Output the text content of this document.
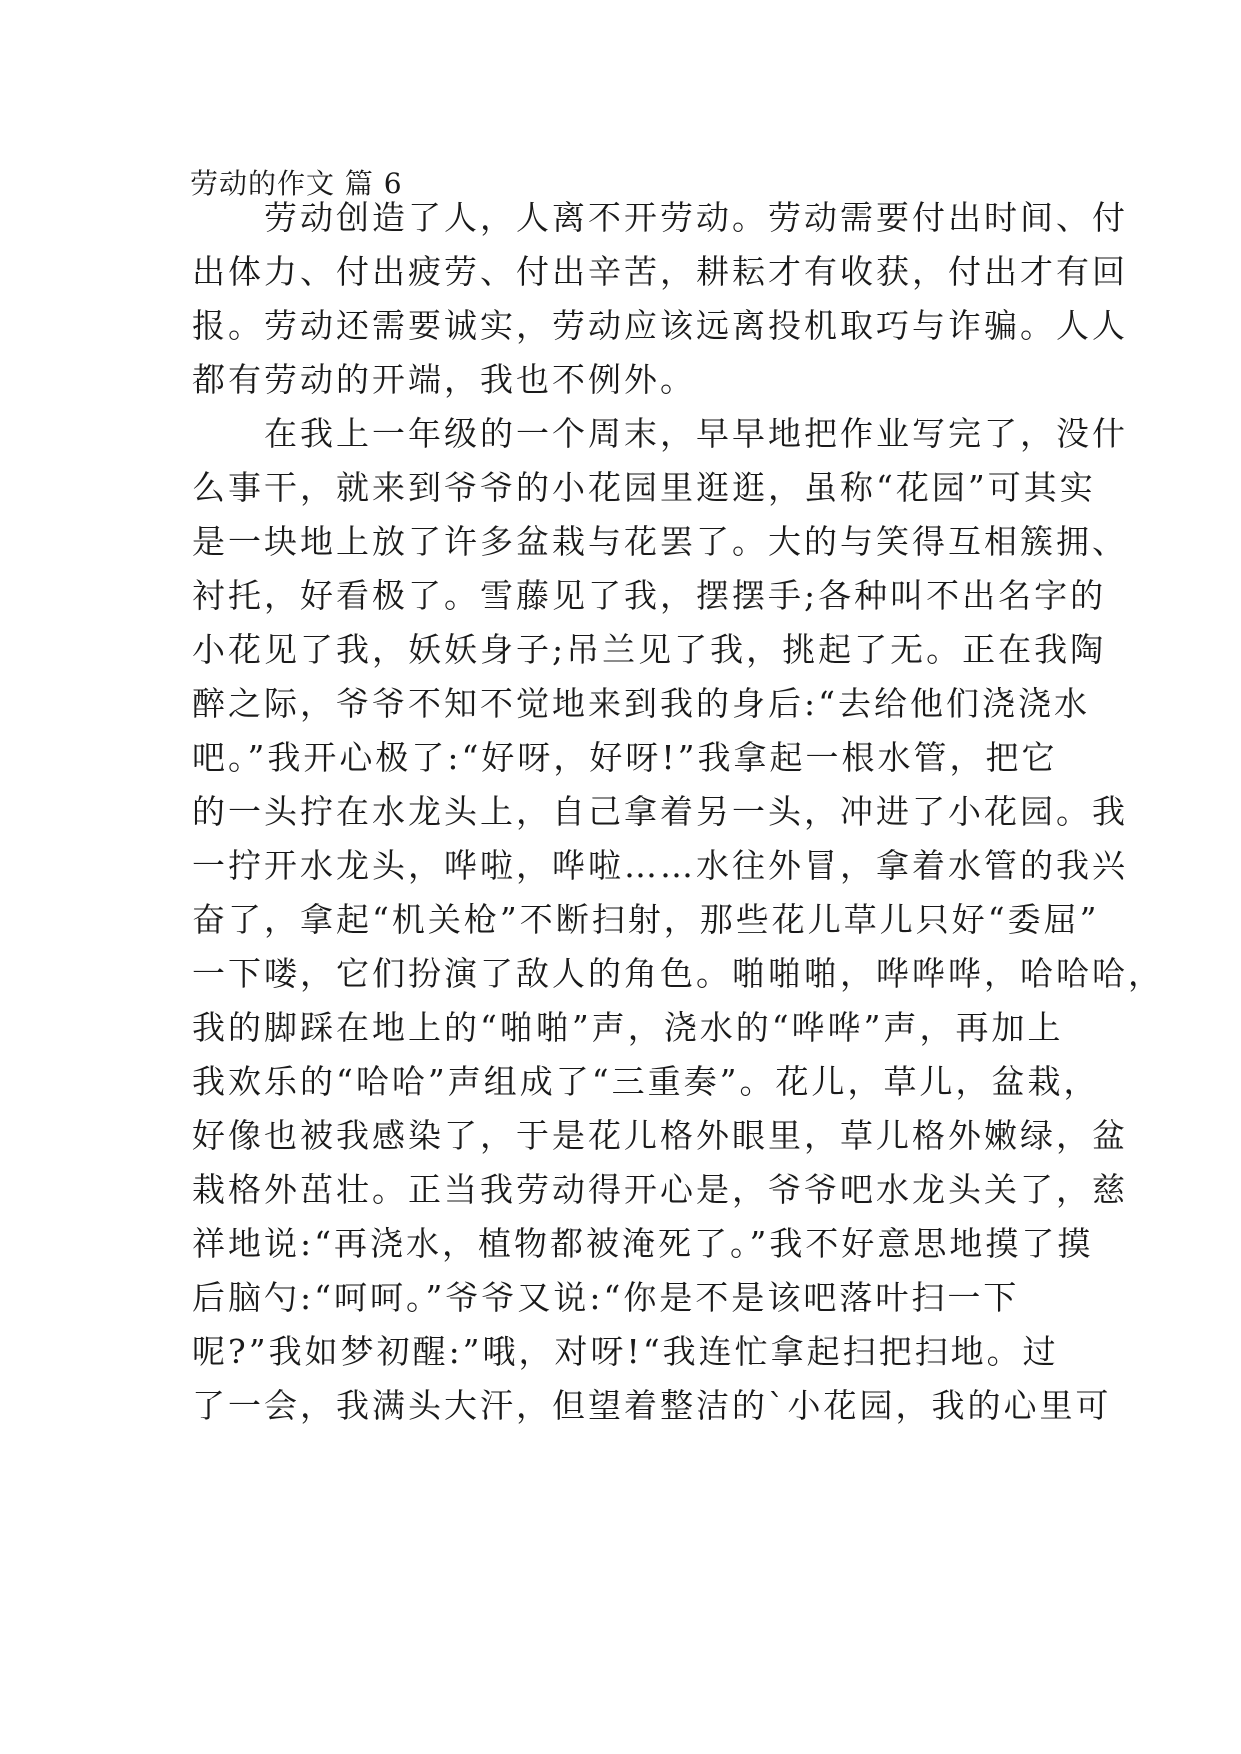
劳动的作文 篇 6
　　劳动创造了人，人离不开劳动。劳动需要付出时间、付
出体力、付出疲劳、付出辛苦，耕耘才有收获，付出才有回
报。劳动还需要诚实，劳动应该远离投机取巧与诈骗。人人
都有劳动的开端，我也不例外。
　　在我上一年级的一个周末，早早地把作业写完了，没什
么事干，就来到爷爷的小花园里逛逛，虽称“花园”可其实
是一块地上放了许多盆栽与花罢了。大的与笑得互相簇拥、
衬托，好看极了。雪藤见了我，摆摆手;各种叫不出名字的
小花见了我，妖妖身子;吊兰见了我，挑起了无。正在我陶
醉之际，爷爷不知不觉地来到我的身后:“去给他们浇浇水
吧。”我开心极了:“好呀，好呀!”我拿起一根水管，把它
的一头拧在水龙头上，自己拿着另一头，冲进了小花园。我
一拧开水龙头，哗啦，哗啦……水往外冒，拿着水管的我兴
奋了，拿起“机关枪”不断扫射，那些花儿草儿只好“委屈”
一下喽，它们扮演了敌人的角色。啪啪啪，哗哗哗，哈哈哈，
我的脚踩在地上的“啪啪”声，浇水的“哗哗”声，再加上
我欢乐的“哈哈”声组成了“三重奏”。花儿，草儿，盆栽，
好像也被我感染了，于是花儿格外眼里，草儿格外嫩绿，盆
栽格外茁壮。正当我劳动得开心是，爷爷吧水龙头关了，慈
祥地说:“再浇水，植物都被淹死了。”我不好意思地摸了摸
后脑勺:“呵呵。”爷爷又说:“你是不是该吧落叶扫一下
呢?”我如梦初醒:”哦，对呀!“我连忙拿起扫把扫地。过
了一会，我满头大汗，但望着整洁的`小花园，我的心里可
